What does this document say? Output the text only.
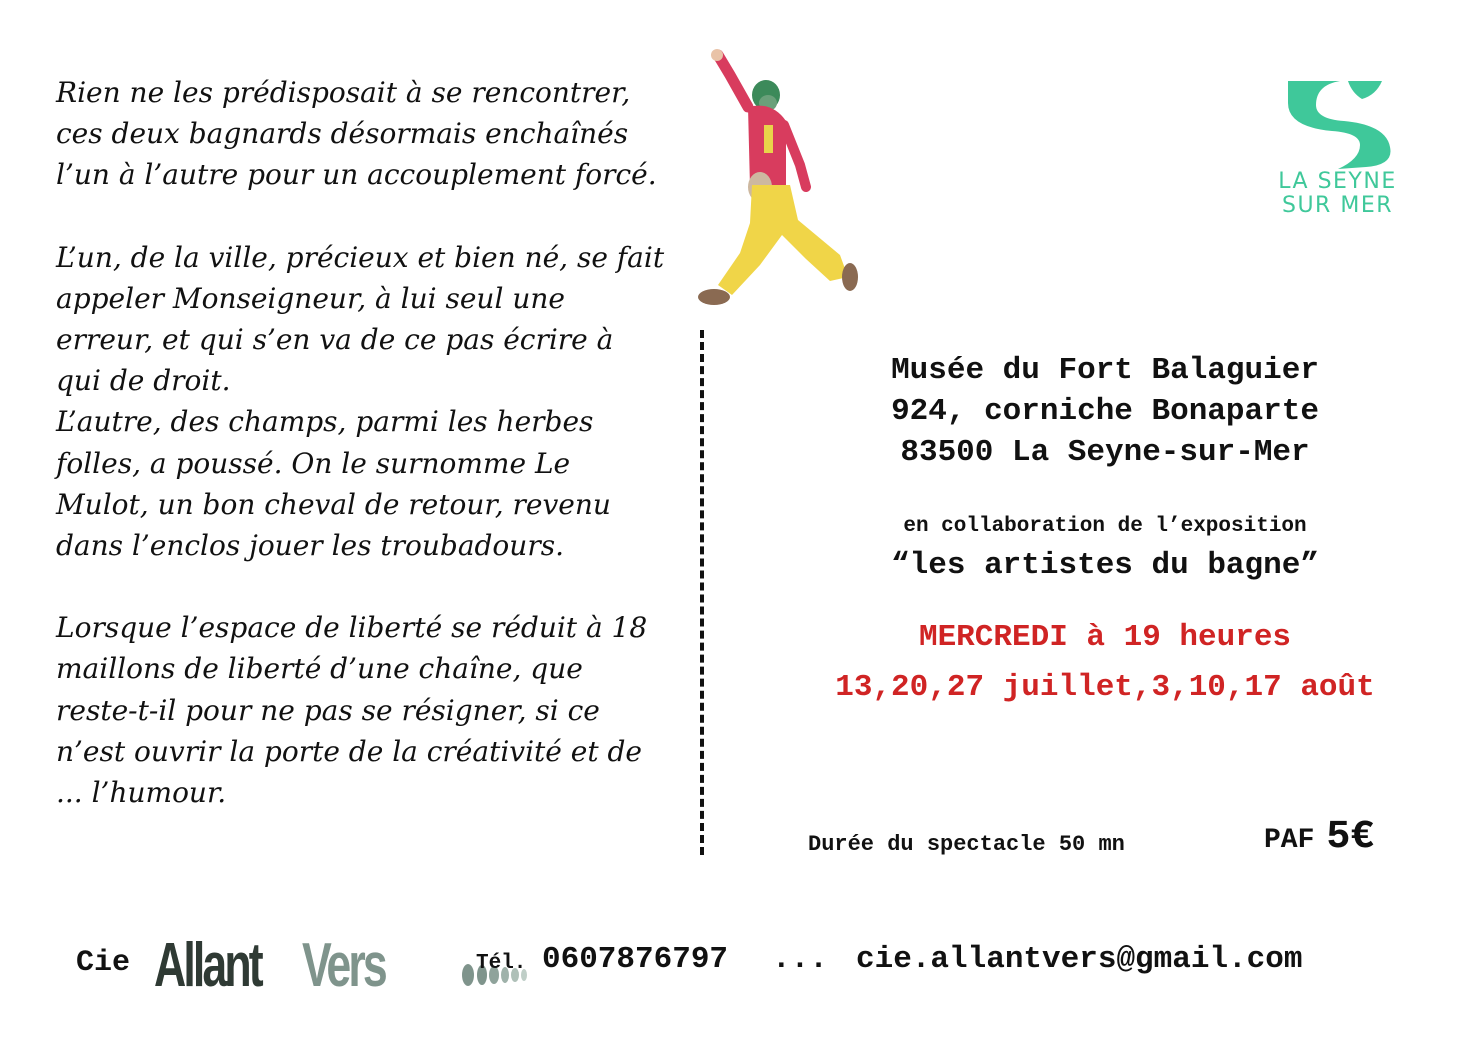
Rien ne les prédisposait à se rencontrer, ces deux bagnards désormais enchaînés l’un à l’autre pour un accouplement forcé.

L’un, de la ville, précieux et bien né, se fait appeler Monseigneur, à lui seul une erreur, et qui s’en va de ce pas écrire à qui de droit.

L’autre, des champs, parmi les herbes folles, a poussé. On le surnomme Le Mulot, un bon cheval de retour, revenu dans l’enclos jouer les troubadours.

Lorsque l’espace de liberté se réduit à 18 maillons de liberté d’une chaîne, que reste-t-il pour ne pas se résigner, si ce n’est ouvrir la porte de la créativité et de ... l’humour.

LA SEYNE
SUR MER
Musée du Fort Balaguier
924, corniche Bonaparte
83500 La Seyne-sur-Mer
en collaboration de l’exposition
“les artistes du bagne”
MERCREDI à 19 heures
13,20,27 juillet,3,10,17 août
Durée du spectacle 50 mn	PAF 5€
Cie Allant Vers	Tél. 0607876797 ... cie.allantvers@gmail.com
